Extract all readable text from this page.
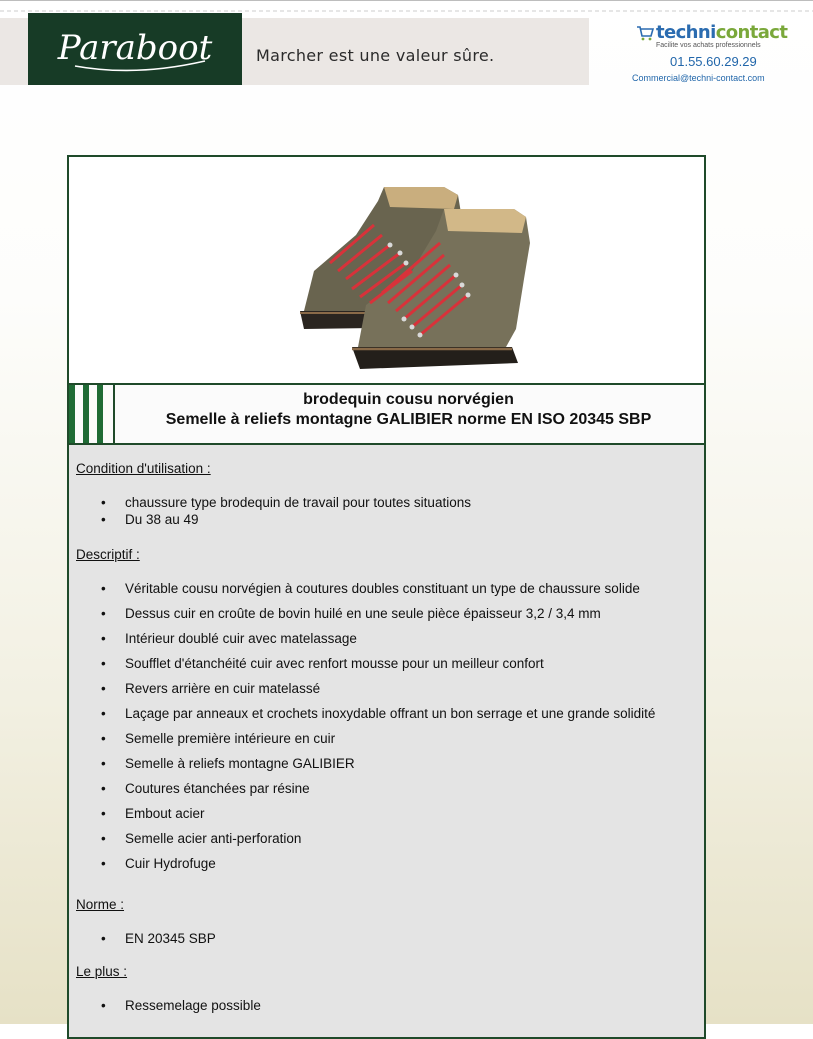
Paraboot	Marcher est une valeur sûre.
technicontact
Facilite vos achats professionnels
01.55.60.29.29
Commercial@techni-contact.com
brodequin cousu norvégien
Semelle à reliefs montagne GALIBIER norme EN ISO 20345 SBP
Condition d'utilisation :
chaussure type brodequin de travail pour toutes situations
Du 38 au 49
Descriptif :
Véritable cousu norvégien à coutures doubles constituant un type de chaussure solide
Dessus cuir en croûte de bovin huilé en une seule pièce épaisseur 3,2 / 3,4 mm
Intérieur doublé cuir avec matelassage
Soufflet d'étanchéité cuir avec renfort mousse pour un meilleur confort
Revers arrière en cuir matelassé
Laçage par anneaux et crochets inoxydable offrant un bon serrage et une grande solidité
Semelle première intérieure en cuir
Semelle à reliefs montagne GALIBIER
Coutures étanchées par résine
Embout acier
Semelle acier anti-perforation
Cuir Hydrofuge
Norme :
EN 20345 SBP
Le plus :
Ressemelage possible
